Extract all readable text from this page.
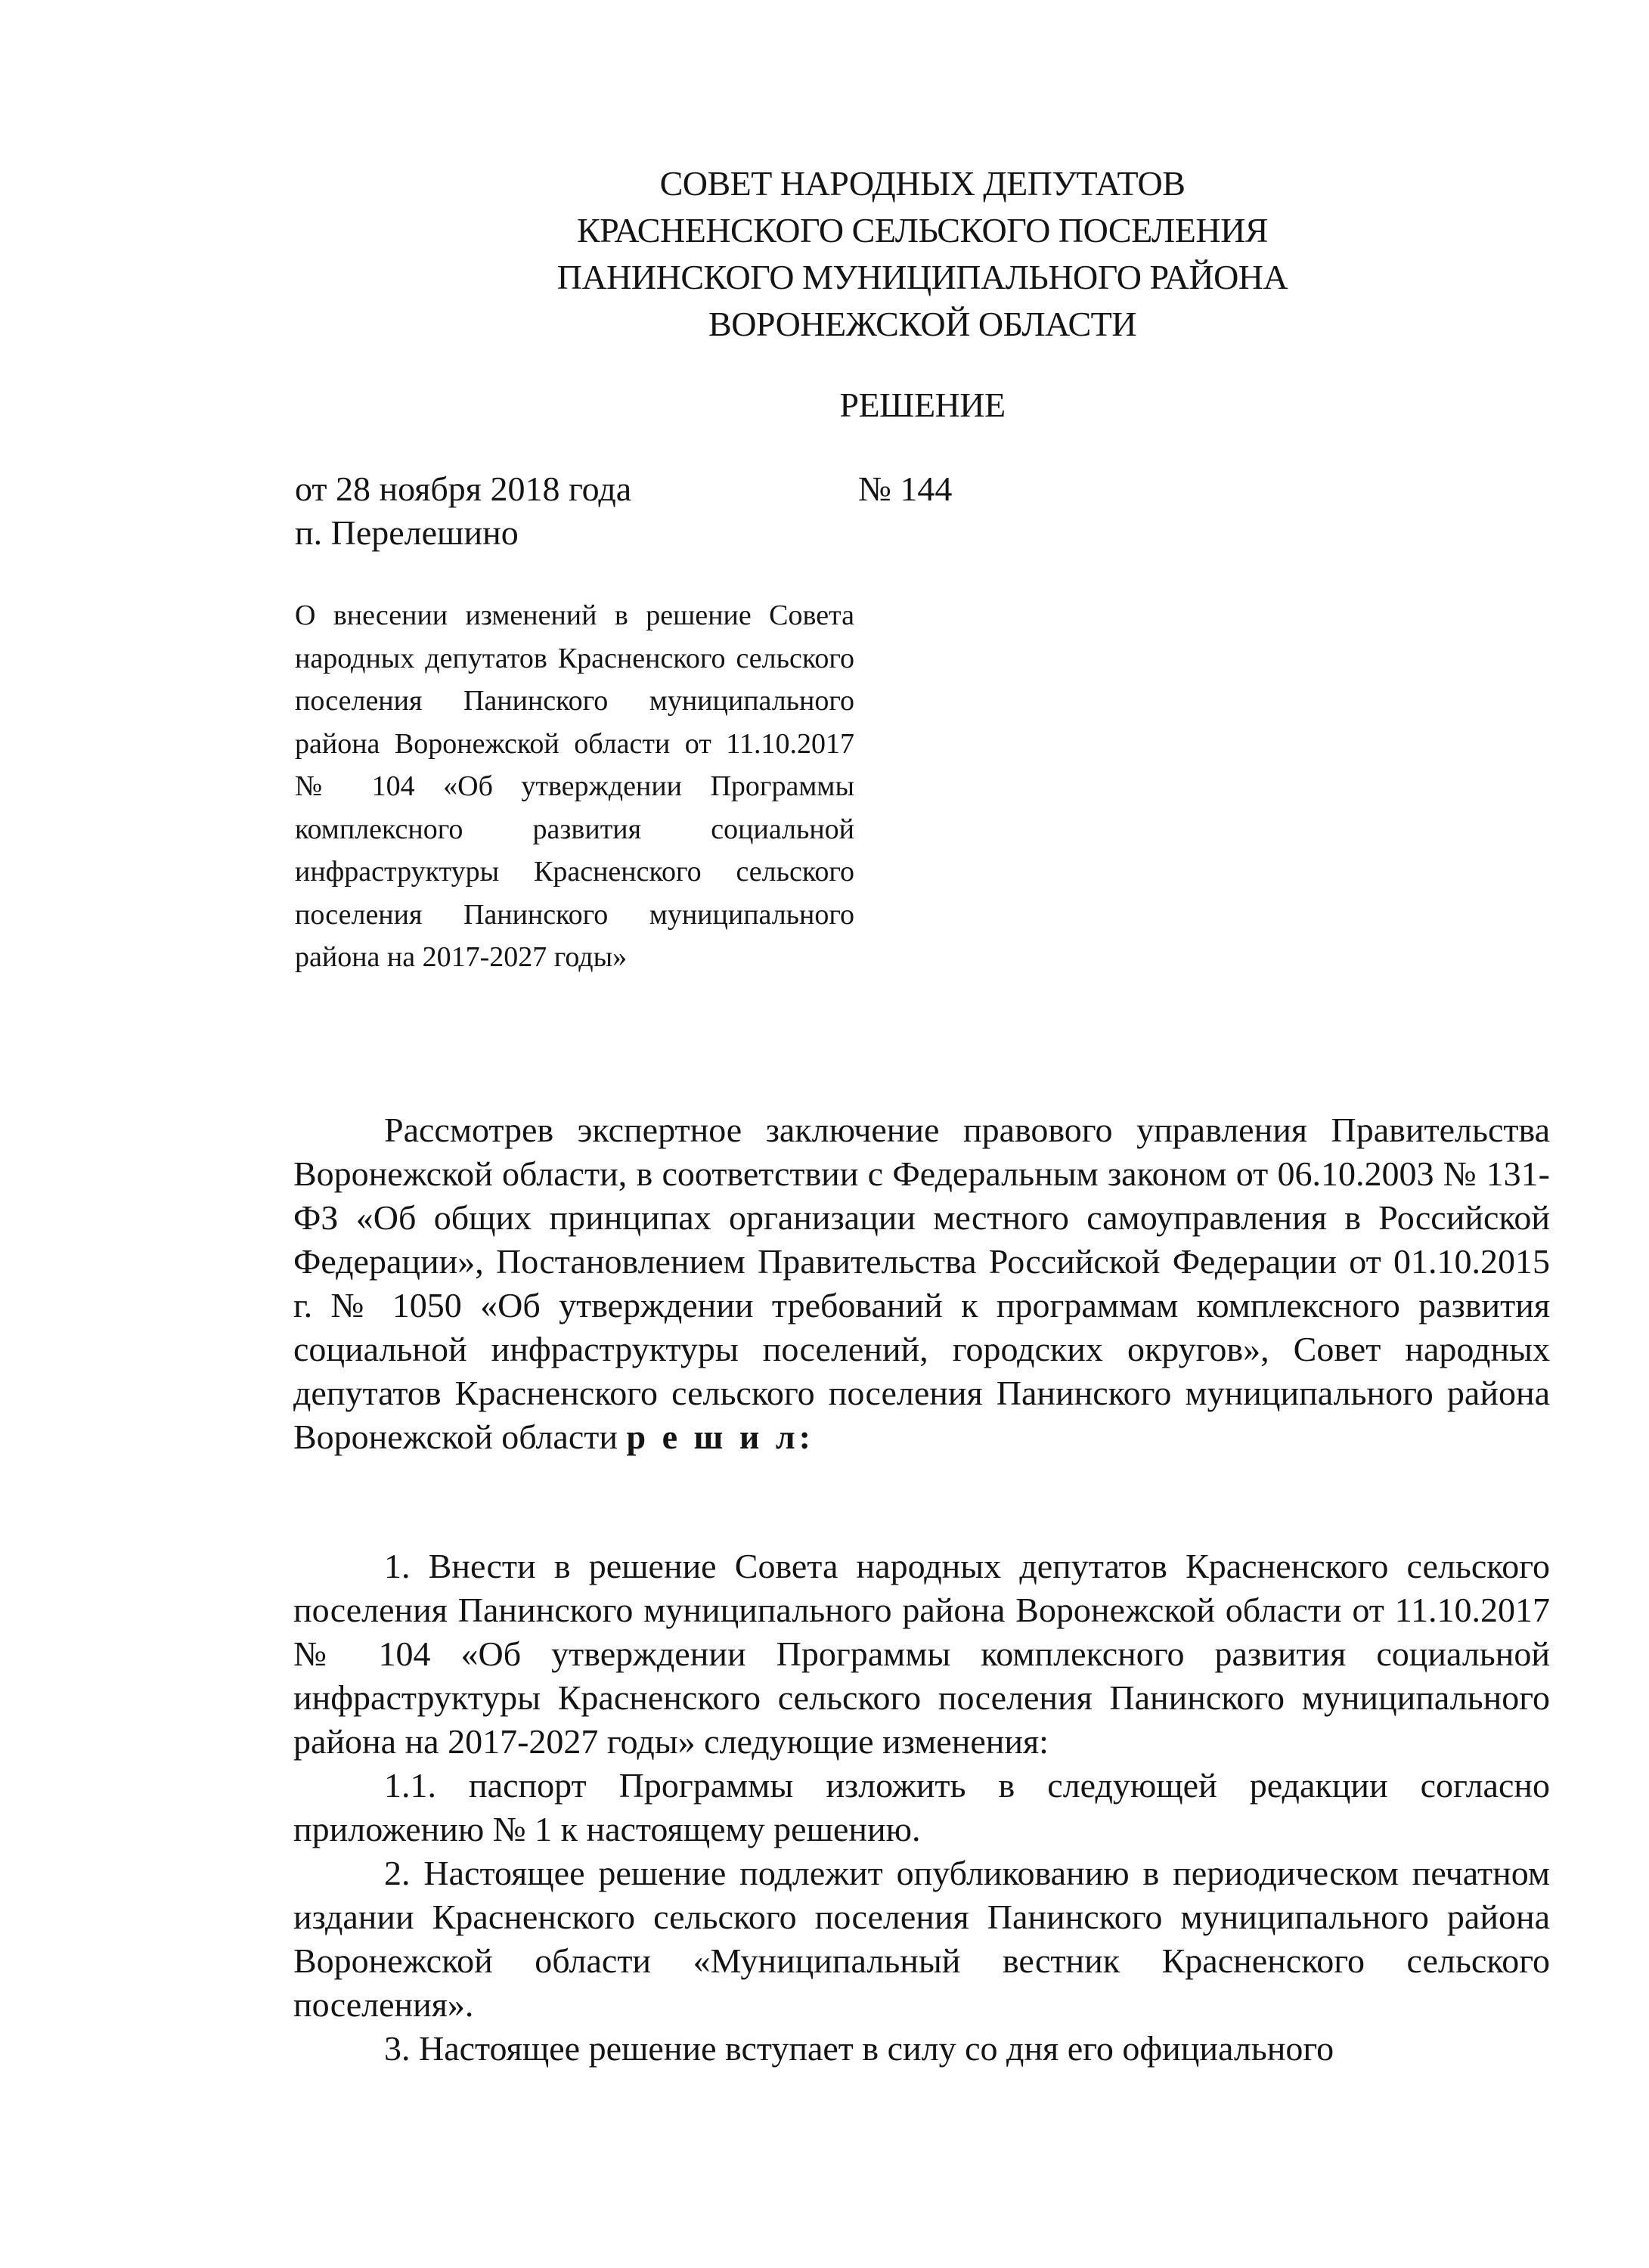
СОВЕТ НАРОДНЫХ ДЕПУТАТОВ
КРАСНЕНСКОГО СЕЛЬСКОГО ПОСЕЛЕНИЯ
ПАНИНСКОГО МУНИЦИПАЛЬНОГО РАЙОНА
ВОРОНЕЖСКОЙ ОБЛАСТИ
РЕШЕНИЕ
от 28 ноября 2018 года	№ 144
п. Перелешино
О внесении изменений в решение Совета народных депутатов Красненского сельского поселения Панинского муниципального района Воронежской области от 11.10.2017 № 104 «Об утверждении Программы комплексного развития социальной инфраструктуры Красненского сельского поселения Панинского муниципального района на 2017-2027 годы»

Рассмотрев экспертное заключение правового управления Правительства Воронежской области, в соответствии с Федеральным законом от 06.10.2003 № 131-ФЗ «Об общих принципах организации местного самоуправления в Российской Федерации», Постановлением Правительства Российской Федерации от 01.10.2015 г. № 1050 «Об утверждении требований к программам комплексного развития социальной инфраструктуры поселений, городских округов», Совет народных депутатов Красненского сельского поселения Панинского муниципального района Воронежской области р е ш и л:

1. Внести в решение Совета народных депутатов Красненского сельского поселения Панинского муниципального района Воронежской области от 11.10.2017 № 104 «Об утверждении Программы комплексного развития социальной инфраструктуры Красненского сельского поселения Панинского муниципального района на 2017-2027 годы» следующие изменения:

1.1. паспорт Программы изложить в следующей редакции согласно приложению № 1 к настоящему решению.

2. Настоящее решение подлежит опубликованию в периодическом печатном издании Красненского сельского поселения Панинского муниципального района Воронежской области «Муниципальный вестник Красненского сельского поселения».

3. Настоящее решение вступает в силу со дня его официального
